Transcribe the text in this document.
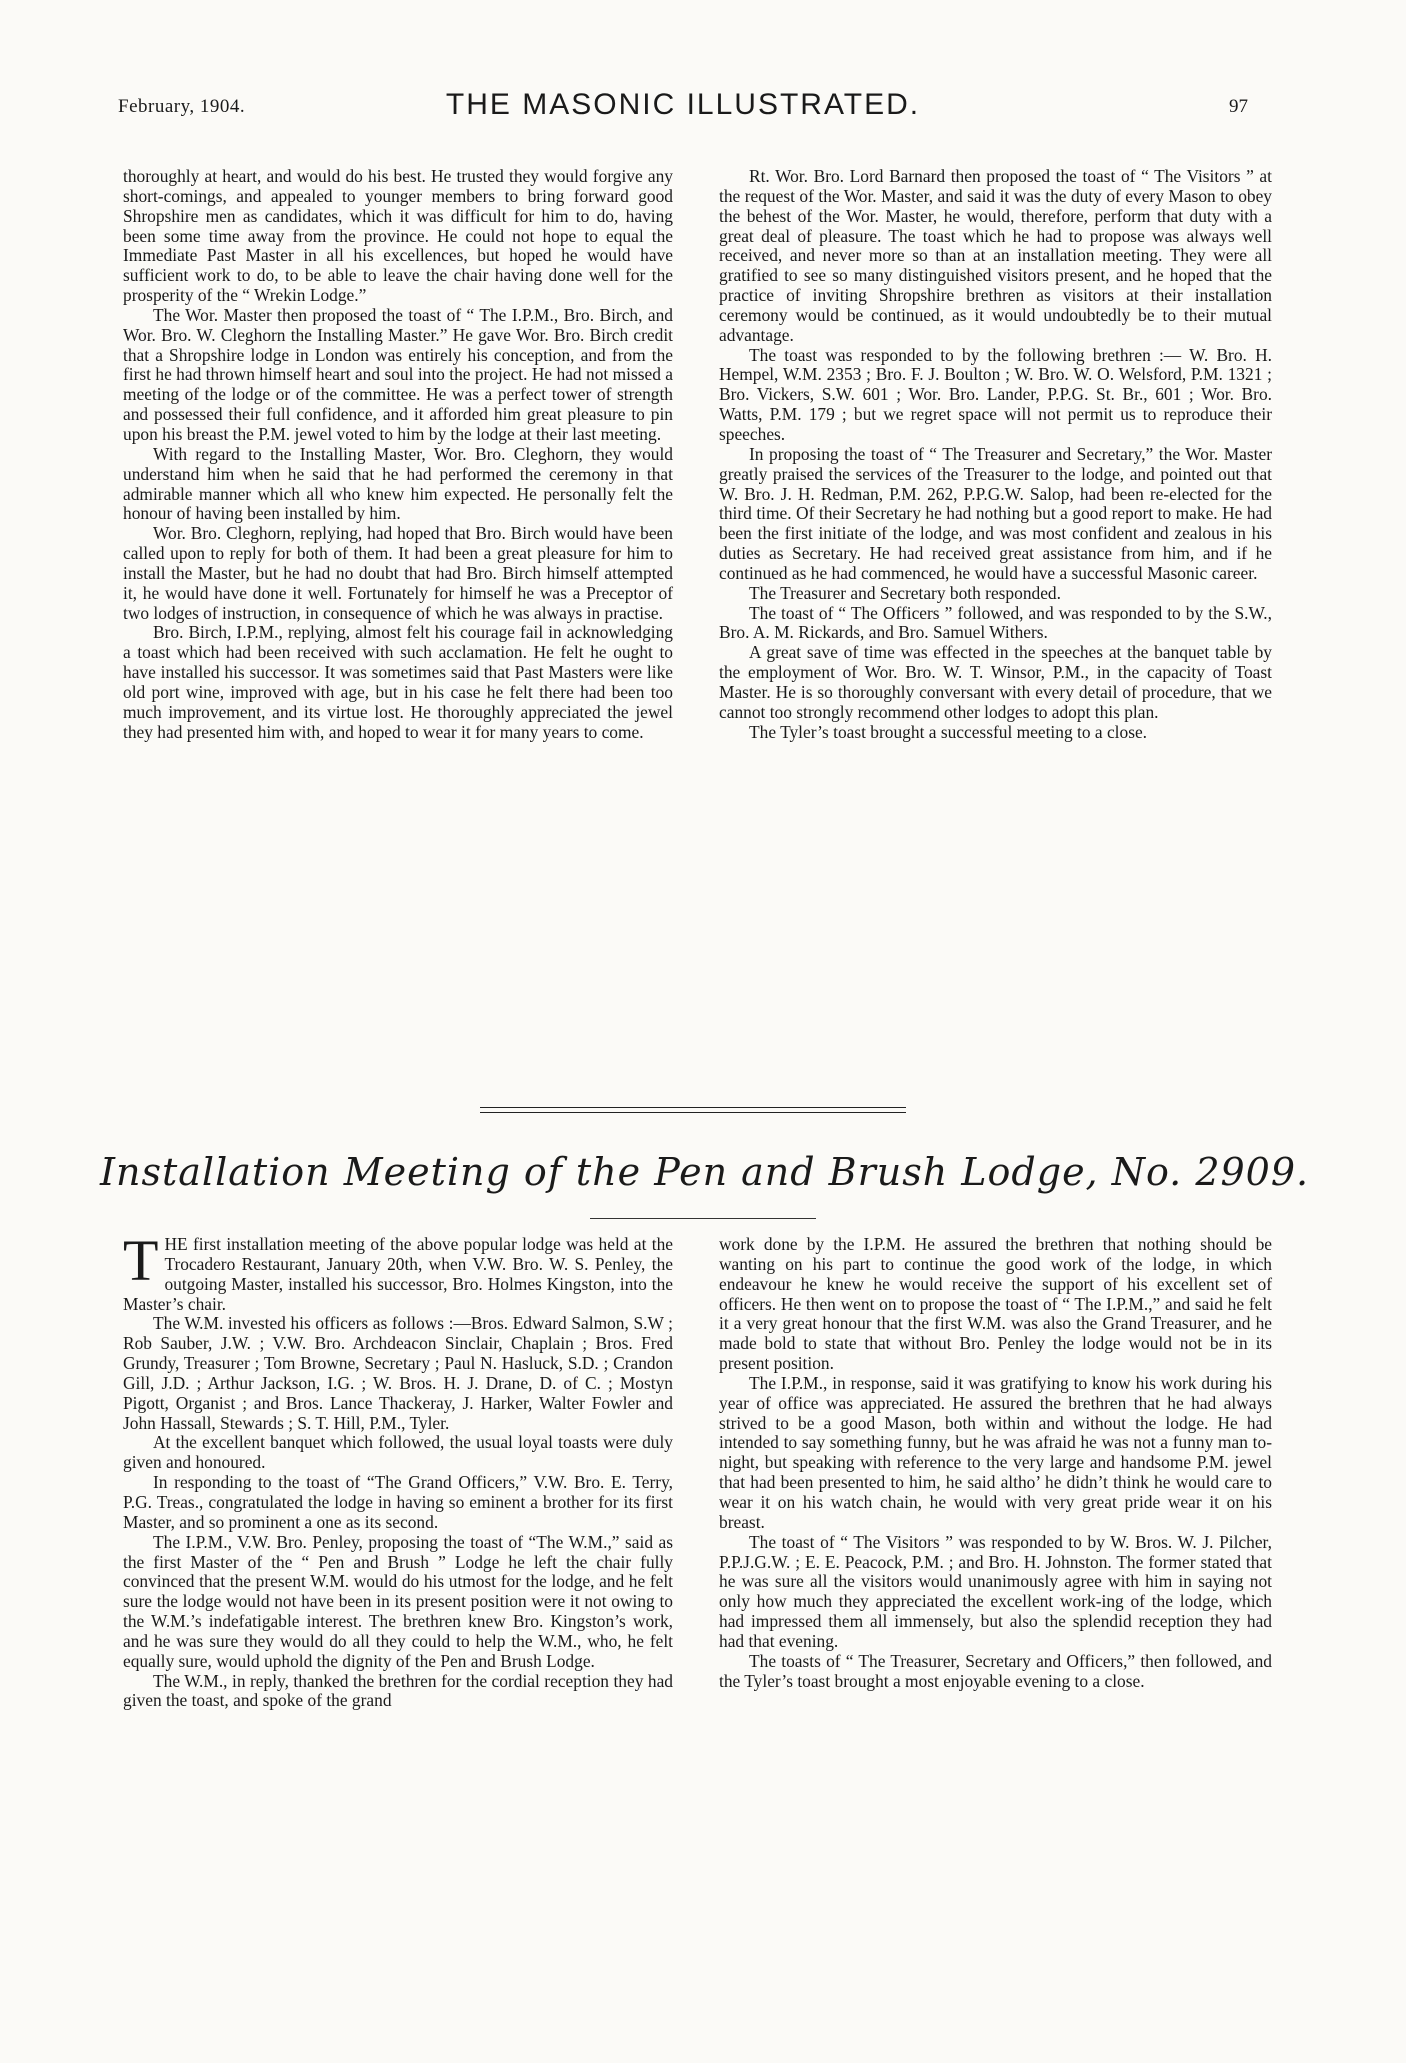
February, 1904.	THE MASONIC ILLUSTRATED.	97

thoroughly at heart, and would do his best. He trusted they would forgive any short-comings, and appealed to younger members to bring forward good Shropshire men as candidates, which it was difficult for him to do, having been some time away from the province. He could not hope to equal the Immediate Past Master in all his excellences, but hoped he would have sufficient work to do, to be able to leave the chair having done well for the prosperity of the “ Wrekin Lodge.”

The Wor. Master then proposed the toast of “ The I.P.M., Bro. Birch, and Wor. Bro. W. Cleghorn the Installing Master.” He gave Wor. Bro. Birch credit that a Shropshire lodge in London was entirely his conception, and from the first he had thrown himself heart and soul into the project. He had not missed a meeting of the lodge or of the committee. He was a perfect tower of strength and possessed their full confidence, and it afforded him great pleasure to pin upon his breast the P.M. jewel voted to him by the lodge at their last meeting.

With regard to the Installing Master, Wor. Bro. Cleghorn, they would understand him when he said that he had performed the ceremony in that admirable manner which all who knew him expected. He personally felt the honour of having been installed by him.

Wor. Bro. Cleghorn, replying, had hoped that Bro. Birch would have been called upon to reply for both of them. It had been a great pleasure for him to install the Master, but he had no doubt that had Bro. Birch himself attempted it, he would have done it well. Fortunately for himself he was a Preceptor of two lodges of instruction, in consequence of which he was always in practise.

Bro. Birch, I.P.M., replying, almost felt his courage fail in acknowledging a toast which had been received with such acclamation. He felt he ought to have installed his successor. It was sometimes said that Past Masters were like old port wine, improved with age, but in his case he felt there had been too much improvement, and its virtue lost. He thoroughly appreciated the jewel they had presented him with, and hoped to wear it for many years to come.

Rt. Wor. Bro. Lord Barnard then proposed the toast of “ The Visitors ” at the request of the Wor. Master, and said it was the duty of every Mason to obey the behest of the Wor. Master, he would, therefore, perform that duty with a great deal of pleasure. The toast which he had to propose was always well received, and never more so than at an installation meeting. They were all gratified to see so many distinguished visitors present, and he hoped that the practice of inviting Shropshire brethren as visitors at their installation ceremony would be continued, as it would undoubtedly be to their mutual advantage.

The toast was responded to by the following brethren :— W. Bro. H. Hempel, W.M. 2353 ; Bro. F. J. Boulton ; W. Bro. W. O. Welsford, P.M. 1321 ; Bro. Vickers, S.W. 601 ; Wor. Bro. Lander, P.P.G. St. Br., 601 ; Wor. Bro. Watts, P.M. 179 ; but we regret space will not permit us to reproduce their speeches.

In proposing the toast of “ The Treasurer and Secretary,” the Wor. Master greatly praised the services of the Treasurer to the lodge, and pointed out that W. Bro. J. H. Redman, P.M. 262, P.P.G.W. Salop, had been re-elected for the third time. Of their Secretary he had nothing but a good report to make. He had been the first initiate of the lodge, and was most confident and zealous in his duties as Secretary. He had received great assistance from him, and if he continued as he had commenced, he would have a successful Masonic career.

The Treasurer and Secretary both responded.

The toast of “ The Officers ” followed, and was responded to by the S.W., Bro. A. M. Rickards, and Bro. Samuel Withers.

A great save of time was effected in the speeches at the banquet table by the employment of Wor. Bro. W. T. Winsor, P.M., in the capacity of Toast Master. He is so thoroughly conversant with every detail of procedure, that we cannot too strongly recommend other lodges to adopt this plan.

The Tyler’s toast brought a successful meeting to a close.

Installation Meeting of the Pen and Brush Lodge, No. 2909.

THE first installation meeting of the above popular lodge was held at the Trocadero Restaurant, January 20th, when V.W. Bro. W. S. Penley, the outgoing Master, installed his successor, Bro. Holmes Kingston, into the Master’s chair.

The W.M. invested his officers as follows :—Bros. Edward Salmon, S.W ; Rob Sauber, J.W. ; V.W. Bro. Archdeacon Sinclair, Chaplain ; Bros. Fred Grundy, Treasurer ; Tom Browne, Secretary ; Paul N. Hasluck, S.D. ; Crandon Gill, J.D. ; Arthur Jackson, I.G. ; W. Bros. H. J. Drane, D. of C. ; Mostyn Pigott, Organist ; and Bros. Lance Thackeray, J. Harker, Walter Fowler and John Hassall, Stewards ; S. T. Hill, P.M., Tyler.

At the excellent banquet which followed, the usual loyal toasts were duly given and honoured.

In responding to the toast of “The Grand Officers,” V.W. Bro. E. Terry, P.G. Treas., congratulated the lodge in having so eminent a brother for its first Master, and so prominent a one as its second.

The I.P.M., V.W. Bro. Penley, proposing the toast of “The W.M.,” said as the first Master of the “ Pen and Brush ” Lodge he left the chair fully convinced that the present W.M. would do his utmost for the lodge, and he felt sure the lodge would not have been in its present position were it not owing to the W.M.’s indefatigable interest. The brethren knew Bro. Kingston’s work, and he was sure they would do all they could to help the W.M., who, he felt equally sure, would uphold the dignity of the Pen and Brush Lodge.

The W.M., in reply, thanked the brethren for the cordial reception they had given the toast, and spoke of the grand

work done by the I.P.M. He assured the brethren that nothing should be wanting on his part to continue the good work of the lodge, in which endeavour he knew he would receive the support of his excellent set of officers. He then went on to propose the toast of “ The I.P.M.,” and said he felt it a very great honour that the first W.M. was also the Grand Treasurer, and he made bold to state that without Bro. Penley the lodge would not be in its present position.

The I.P.M., in response, said it was gratifying to know his work during his year of office was appreciated. He assured the brethren that he had always strived to be a good Mason, both within and without the lodge. He had intended to say something funny, but he was afraid he was not a funny man to-night, but speaking with reference to the very large and handsome P.M. jewel that had been presented to him, he said altho’ he didn’t think he would care to wear it on his watch chain, he would with very great pride wear it on his breast.

The toast of “ The Visitors ” was responded to by W. Bros. W. J. Pilcher, P.P.J.G.W. ; E. E. Peacock, P.M. ; and Bro. H. Johnston. The former stated that he was sure all the visitors would unanimously agree with him in saying not only how much they appreciated the excellent work-ing of the lodge, which had impressed them all immensely, but also the splendid reception they had had that evening.

The toasts of “ The Treasurer, Secretary and Officers,” then followed, and the Tyler’s toast brought a most enjoyable evening to a close.
